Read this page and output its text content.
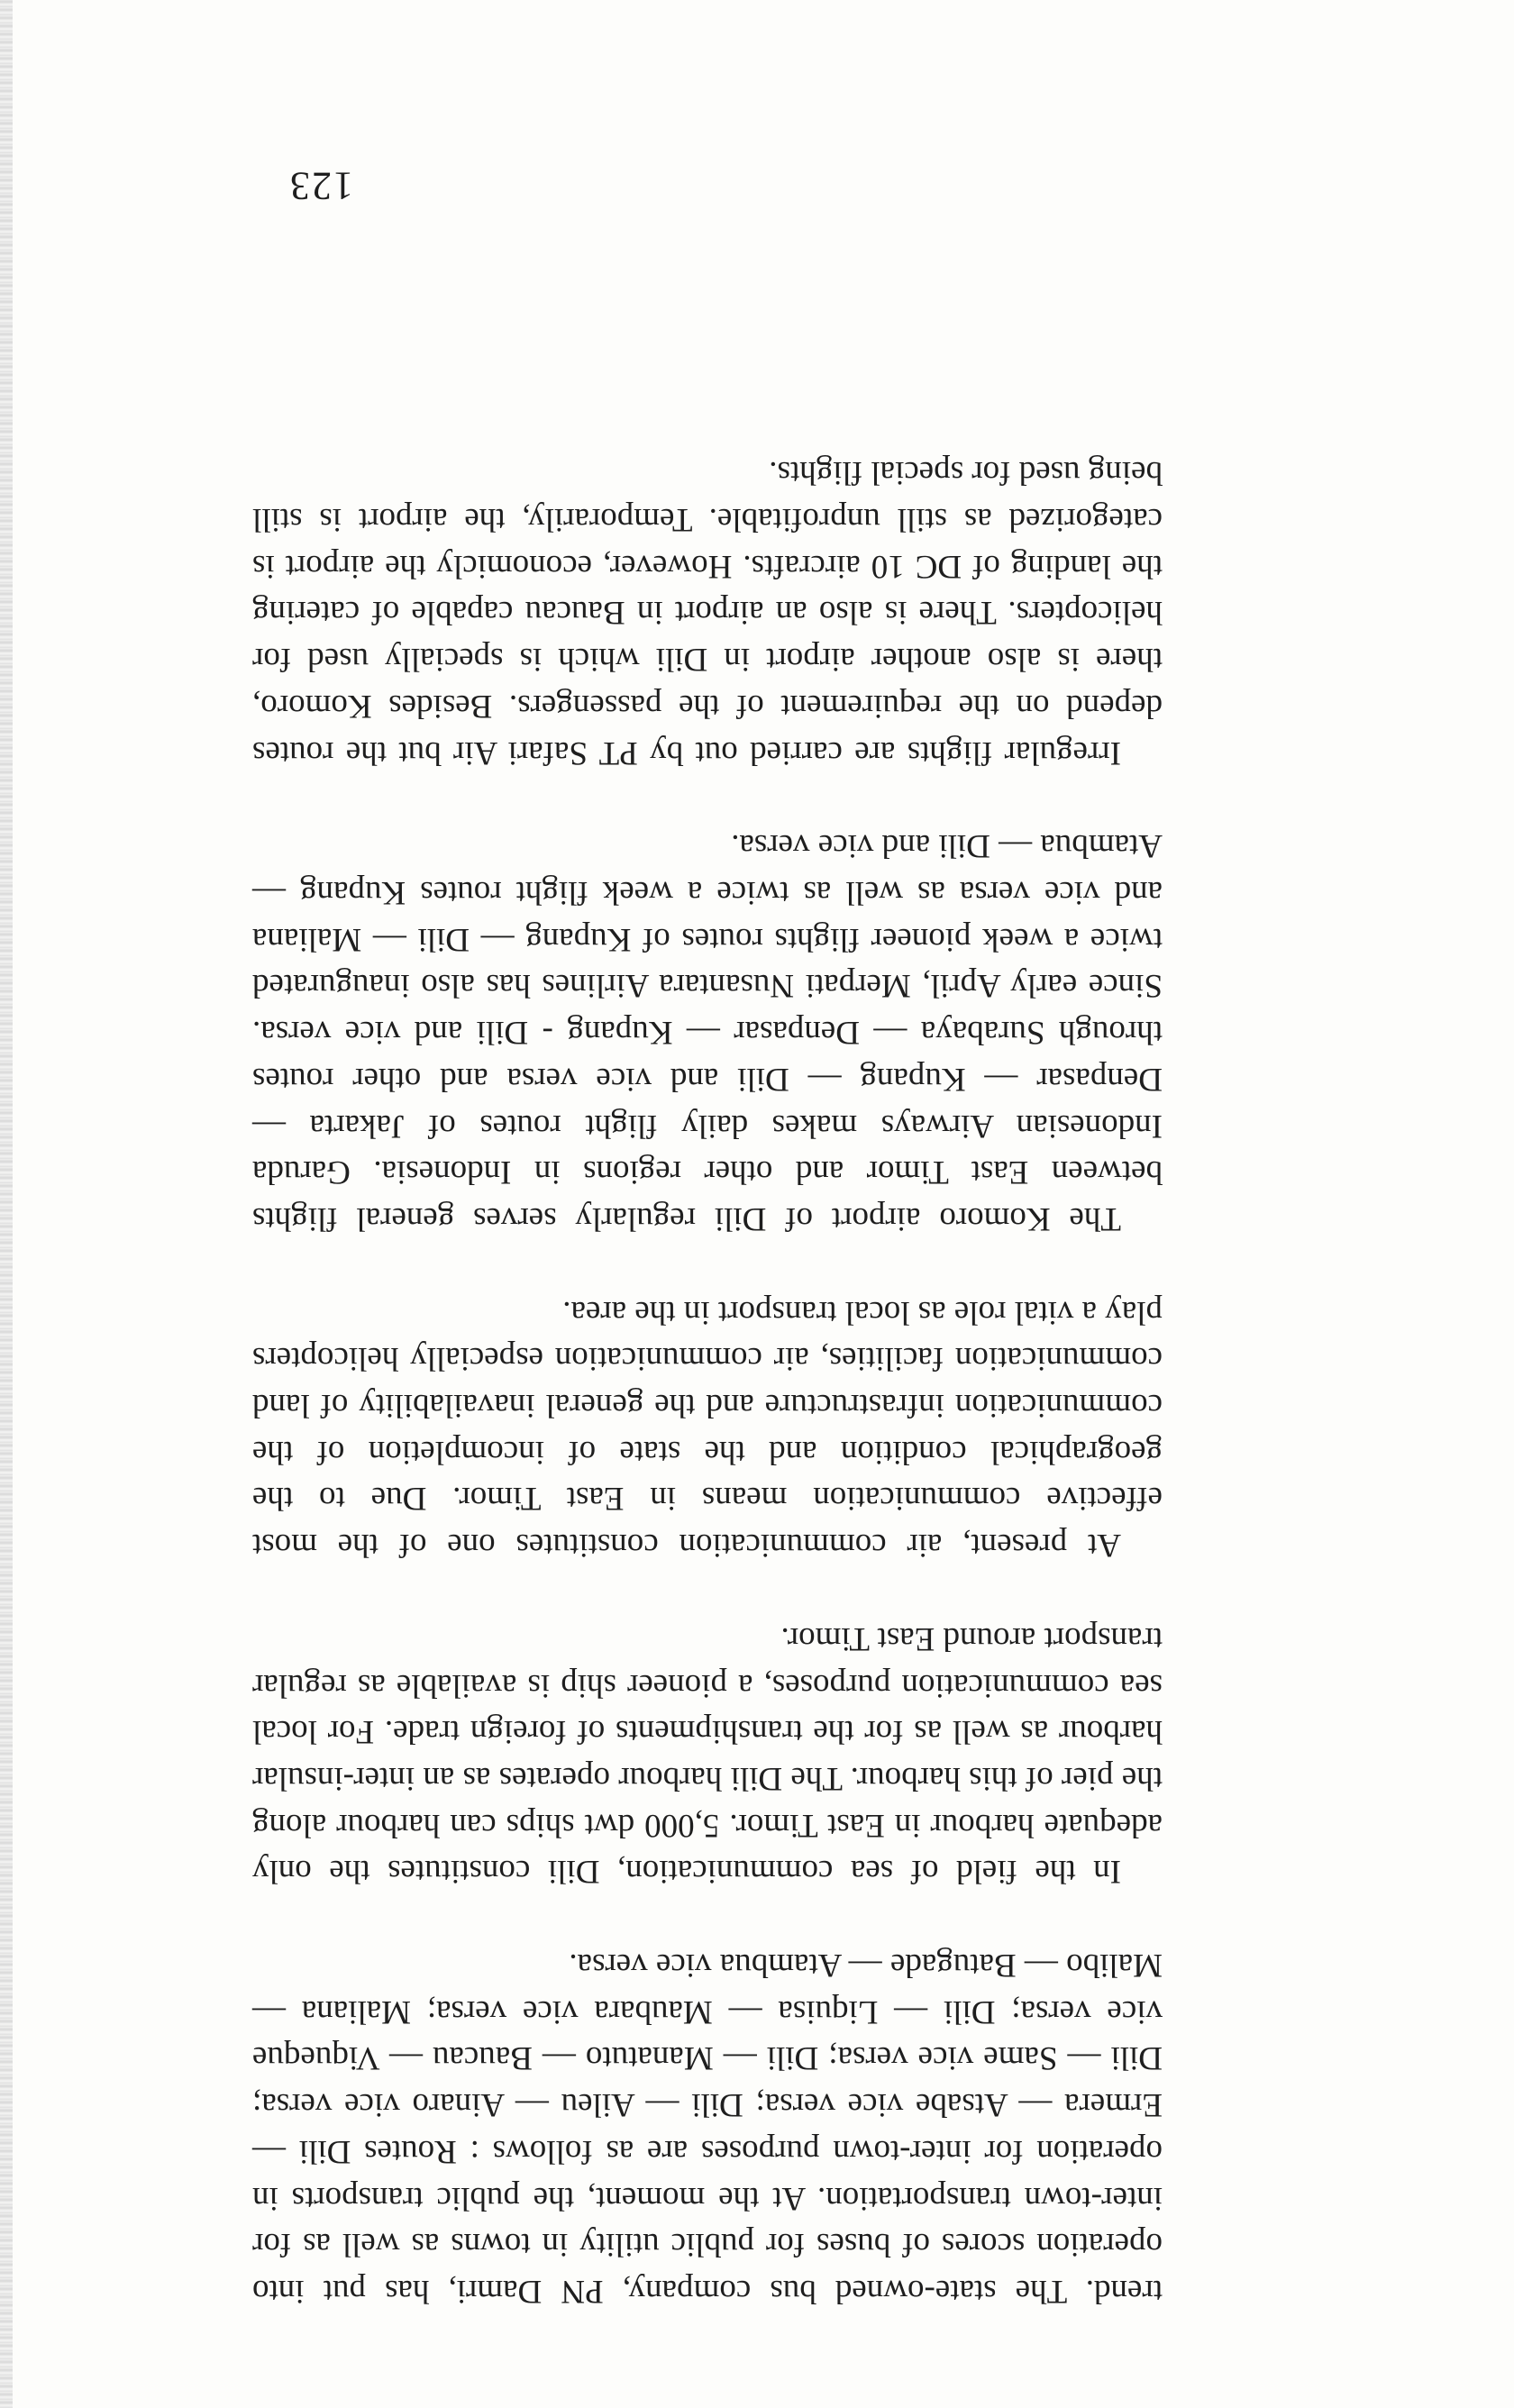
trend. The state-owned bus company, PN Damri, has put into operation scores of buses for public utility in towns as well as for inter-town transportation. At the moment, the public transports in operation for inter-town purposes are as follows : Routes Dili — Ermera — Atsabe vice versa; Dili — Aileu — Ainaro vice versa; Dili — Same vice versa; Dili — Manatuto — Baucau — Viqueque vice versa; Dili — Liquisa — Maubara vice versa; Maliana — Malibo — Batugade — Atambua vice versa.

In the field of sea communication, Dili constitutes the only adequate harbour in East Timor. 5,000 dwt ships can harbour along the pier of this harbour. The Dili harbour operates as an inter-insular harbour as well as for the transhipments of foreign trade. For local sea communication purposes, a pioneer ship is available as regular transport around East Timor.

At present, air communication constitutes one of the most effective communication means in East Timor. Due to the geographical condition and the state of incompletion of the communication infrastructure and the general inavailability of land communication facilities, air communication especially helicopters play a vital role as local transport in the area.

The Komoro airport of Dili regularly serves general flights between East Timor and other regions in Indonesia. Garuda Indonesian Airways makes daily flight routes of Jakarta — Denpasar — Kupang — Dili and vice versa and other routes through Surabaya — Denpasar — Kupang - Dili and vice versa. Since early April, Merpati Nusantara Airlines has also inaugurated twice a week pioneer flights routes of Kupang — Dili — Maliana and vice versa as well as twice a week flight routes Kupang — Atambua — Dili and vice versa.

Irregular flights are carried out by PT Safari Air but the routes depend on the requirement of the passengers. Besides Komoro, there is also another airport in Dili which is specially used for helicopters. There is also an airport in Baucau capable of catering the landing of DC 10 aircrafts. However, economicly the airport is categorized as still unprofitable. Temporarily, the airport is still being used for special flights.

123
